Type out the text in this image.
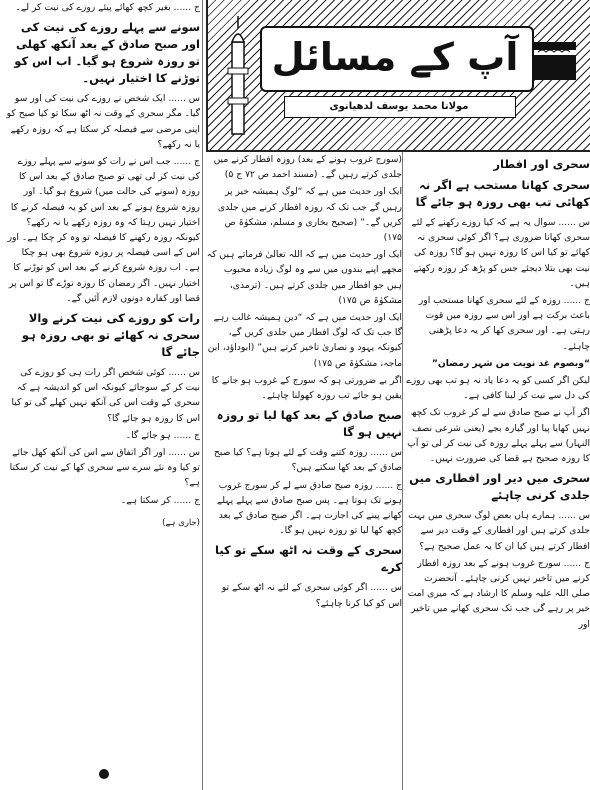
آپ کے مسائل
مولانا محمد یوسف لدھیانوی
سحری اور افطار
سحری کھانا مستحب ہے اگر نہ کھائی تب بھی روزہ ہو جائے گا
س ...... سوال یہ ہے کہ کیا روزے رکھنے کے لئے سحری کھانا ضروری ہے؟ اگر کوئی سحری نہ کھائے تو کیا اس کا روزہ نہیں ہو گا؟ روزہ کی نیت بھی بتلا دیجئے جس کو پڑھ کر روزہ رکھتے ہیں۔
ج ...... روزہ کے لئے سحری کھانا مستحب اور باعث برکت ہے اور اس سے روزہ میں قوت رہتی ہے۔ اور سحری کھا کر یہ دعا پڑھنی چاہئے۔
“وبصوم غد نویت من شہر رمضان”
لیکن اگر کسی کو یہ دعا یاد نہ ہو تب بھی روزے کی دل سے نیت کر لینا کافی ہے۔
اگر آپ نے صبح صادق سے لے کر غروب تک کچھ نہیں کھایا پیا اور گیارہ بجے (یعنی شرعی نصف النہار) سے پہلے پہلے روزہ کی نیت کر لی تو آپ کا روزہ صحیح ہے قضا کی ضرورت نہیں۔
سحری میں دیر اور افطاری میں جلدی کرنی چاہئے
س ...... ہمارے ہاں بعض لوگ سحری میں بہت جلدی کرتے ہیں اور افطاری کے وقت دیر سے افطار کرتے ہیں کیا ان کا یہ عمل صحیح ہے؟
ج ...... سورج غروب ہونے کے بعد روزہ افطار کرنے میں تاخیر نہیں کرنی چاہئے۔ آنحضرت صلی اللہ علیہ وسلم کا ارشاد ہے کہ میری امت خیر پر رہے گی جب تک سحری کھانے میں تاخیر اور
(سورج غروب ہونے کے بعد) روزہ افطار کرنے میں جلدی کرتے رہیں گے۔ (مسند احمد ص ۷۲ ج ۵)
ایک اور حدیث میں ہے کہ “لوگ ہمیشہ خیر پر رہیں گے جب تک کہ روزہ افطار کرنے میں جلدی کریں گے۔” (صحیح بخاری و مسلم، مشکوٰۃ ص ۱۷۵)
ایک اور حدیث میں ہے کہ اللہ تعالیٰ فرماتے ہیں کہ مجھے اپنے بندوں میں سے وہ لوگ زیادہ محبوب ہیں جو افطار میں جلدی کرتے ہیں۔ (ترمذی، مشکوٰۃ ص ۱۷۵)
ایک اور حدیث میں ہے کہ “دین ہمیشہ غالب رہے گا جب تک کہ لوگ افطار میں جلدی کریں گے، کیونکہ یہود و نصاریٰ تاخیر کرتے ہیں” (ابوداؤد، ابن ماجہ، مشکوٰۃ ص ۱۷۵)
اگر بے ضرورتی ہو کہ سورج کے غروب ہو جانے کا یقین ہو جائے تب روزہ کھولنا چاہئے۔
صبح صادق کے بعد کھا لیا تو روزہ نہیں ہو گا
س ...... روزہ کتنے وقت کے لئے ہوتا ہے؟ کیا صبح صادق کے بعد کھا سکتے ہیں؟
ج ...... روزہ صبح صادق سے لے کر سورج غروب ہونے تک ہوتا ہے۔ پس صبح صادق سے پہلے پہلے کھانے پینے کی اجازت ہے۔ اگر صبح صادق کے بعد کچھ کھا لیا تو روزہ نہیں ہو گا۔
سحری کے وقت نہ اٹھ سکے تو کیا کرے
س ...... اگر کوئی سحری کے لئے نہ اٹھ سکے تو اس کو کیا کرنا چاہئے؟
ج ...... بغیر کچھ کھائے پیئے روزے کی نیت کر لے۔
سونے سے پہلے روزے کی نیت کی اور صبح صادق کے بعد آنکھ کھلی تو روزہ شروع ہو گیا۔ اب اس کو توڑنے کا اختیار نہیں۔
س ...... ایک شخص نے روزے کی نیت کی اور سو گیا۔ مگر سحری کے وقت نہ اٹھ سکا تو کیا صبح کو اپنی مرضی سے فیصلہ کر سکتا ہے کہ روزہ رکھے یا نہ رکھے؟
ج ...... جب اس نے رات کو سونے سے پہلے روزے کی نیت کر لی تھی تو صبح صادق کے بعد اس کا روزہ (سونے کی حالت میں) شروع ہو گیا۔ اور روزہ شروع ہونے کے بعد اس کو یہ فیصلہ کرنے کا اختیار نہیں رہتا کہ وہ روزہ رکھے یا نہ رکھے؟ کیونکہ روزہ رکھنے کا فیصلہ تو وہ کر چکا ہے۔ اور اس کے اسی فیصلہ پر روزہ شروع بھی ہو چکا ہے۔ اب روزہ شروع کرنے کے بعد اس کو توڑنے کا اختیار نہیں۔ اگر رمضان کا روزہ توڑے گا تو اس پر قضا اور کفارہ دونوں لازم آئیں گے۔
رات کو روزے کی نیت کرنے والا سحری نہ کھائے تو بھی روزہ ہو جائے گا
س ...... کوئی شخص اگر رات ہی کو روزے کی نیت کر کے سوجائے کیونکہ اس کو اندیشہ ہے کہ سحری کے وقت اس کی آنکھ نہیں کھلے گی تو کیا اس کا روزہ ہو جائے گا؟
ج ...... ہو جائے گا۔
س ...... اور اگر اتفاق سے اس کی آنکھ کھل جائے تو کیا وہ نئے سرے سے سحری کھا کے نیت کر سکتا ہے؟
ج ...... کر سکتا ہے۔
(جاری ہے)
